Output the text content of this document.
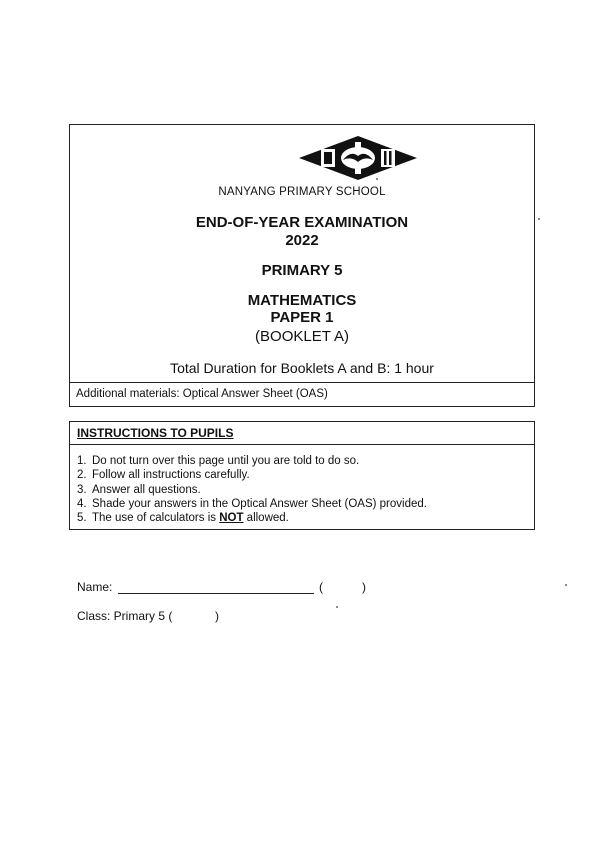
NANYANG PRIMARY SCHOOL
END-OF-YEAR EXAMINATION
2022
PRIMARY 5
MATHEMATICS
PAPER 1
(BOOKLET A)
Total Duration for Booklets A and B: 1 hour
Additional materials: Optical Answer Sheet (OAS)
INSTRUCTIONS TO PUPILS
1. Do not turn over this page until you are told to do so.
2. Follow all instructions carefully.
3. Answer all questions.
4. Shade your answers in the Optical Answer Sheet (OAS) provided.
5. The use of calculators is NOT allowed.
Name:	(	)
Class: Primary 5 (	)
